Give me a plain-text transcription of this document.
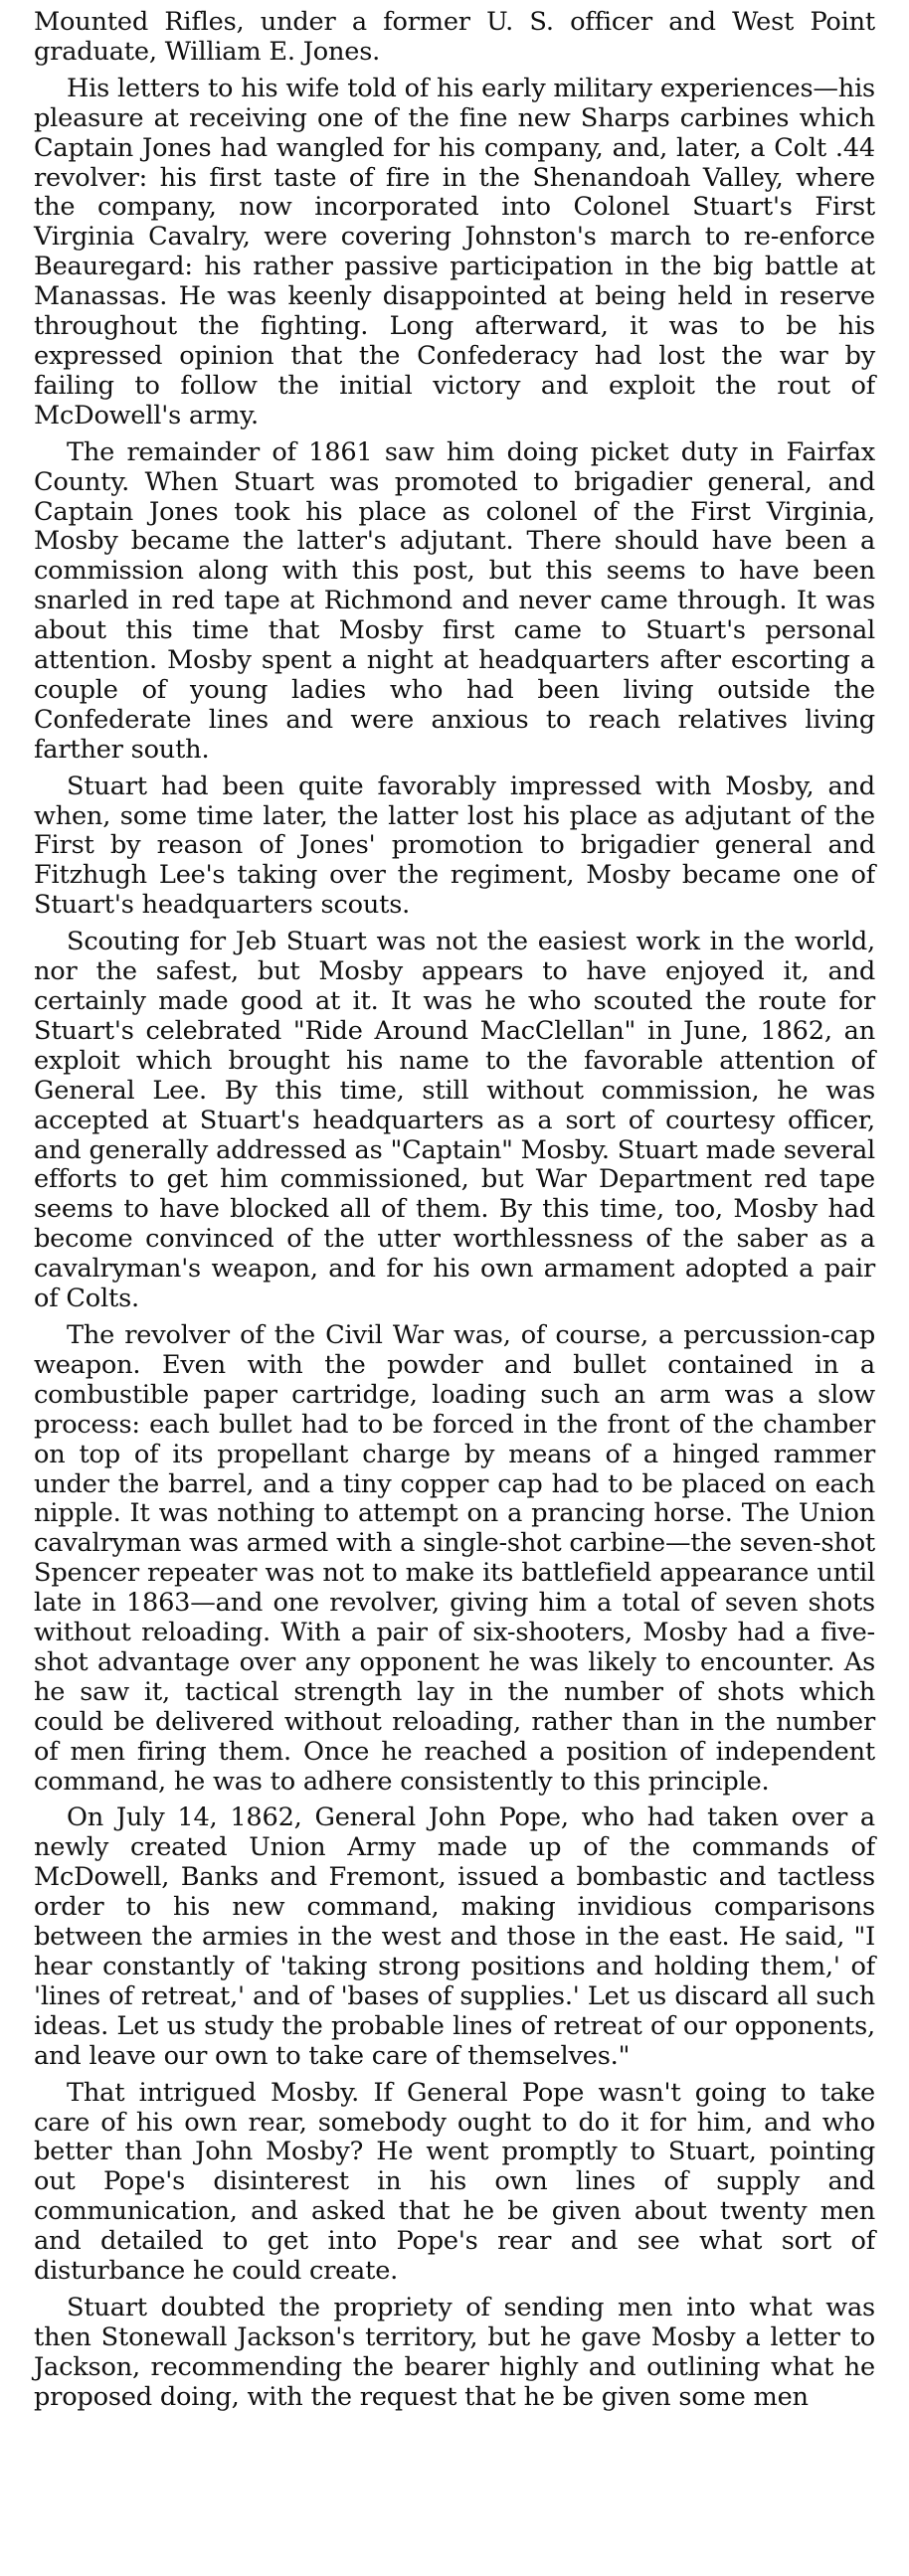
Mounted Rifles, under a former U. S. officer and West Point graduate, William E. Jones.

His letters to his wife told of his early military experiences—his pleasure at receiving one of the fine new Sharps carbines which Captain Jones had wangled for his company, and, later, a Colt .44 revolver: his first taste of fire in the Shenandoah Valley, where the company, now incorporated into Colonel Stuart's First Virginia Cavalry, were covering Johnston's march to re-enforce Beauregard: his rather passive participation in the big battle at Manassas. He was keenly disappointed at being held in reserve throughout the fighting. Long afterward, it was to be his expressed opinion that the Confederacy had lost the war by failing to follow the initial victory and exploit the rout of McDowell's army.

The remainder of 1861 saw him doing picket duty in Fairfax County. When Stuart was promoted to brigadier general, and Captain Jones took his place as colonel of the First Virginia, Mosby became the latter's adjutant. There should have been a commission along with this post, but this seems to have been snarled in red tape at Richmond and never came through. It was about this time that Mosby first came to Stuart's personal attention. Mosby spent a night at headquarters after escorting a couple of young ladies who had been living outside the Confederate lines and were anxious to reach relatives living farther south.

Stuart had been quite favorably impressed with Mosby, and when, some time later, the latter lost his place as adjutant of the First by reason of Jones' promotion to brigadier general and Fitzhugh Lee's taking over the regiment, Mosby became one of Stuart's headquarters scouts.

Scouting for Jeb Stuart was not the easiest work in the world, nor the safest, but Mosby appears to have enjoyed it, and certainly made good at it. It was he who scouted the route for Stuart's celebrated "Ride Around MacClellan" in June, 1862, an exploit which brought his name to the favorable attention of General Lee. By this time, still without commission, he was accepted at Stuart's headquarters as a sort of courtesy officer, and generally addressed as "Captain" Mosby. Stuart made several efforts to get him commissioned, but War Department red tape seems to have blocked all of them. By this time, too, Mosby had become convinced of the utter worthlessness of the saber as a cavalryman's weapon, and for his own armament adopted a pair of Colts.

The revolver of the Civil War was, of course, a percussion-cap weapon. Even with the powder and bullet contained in a combustible paper cartridge, loading such an arm was a slow process: each bullet had to be forced in the front of the chamber on top of its propellant charge by means of a hinged rammer under the barrel, and a tiny copper cap had to be placed on each nipple. It was nothing to attempt on a prancing horse. The Union cavalryman was armed with a single-shot carbine—the seven-shot Spencer repeater was not to make its battlefield appearance until late in 1863—and one revolver, giving him a total of seven shots without reloading. With a pair of six-shooters, Mosby had a five-shot advantage over any opponent he was likely to encounter. As he saw it, tactical strength lay in the number of shots which could be delivered without reloading, rather than in the number of men firing them. Once he reached a position of independent command, he was to adhere consistently to this principle.

On July 14, 1862, General John Pope, who had taken over a newly created Union Army made up of the commands of McDowell, Banks and Fremont, issued a bombastic and tactless order to his new command, making invidious comparisons between the armies in the west and those in the east. He said, "I hear constantly of 'taking strong positions and holding them,' of 'lines of retreat,' and of 'bases of supplies.' Let us discard all such ideas. Let us study the probable lines of retreat of our opponents, and leave our own to take care of themselves."

That intrigued Mosby. If General Pope wasn't going to take care of his own rear, somebody ought to do it for him, and who better than John Mosby? He went promptly to Stuart, pointing out Pope's disinterest in his own lines of supply and communication, and asked that he be given about twenty men and detailed to get into Pope's rear and see what sort of disturbance he could create.

Stuart doubted the propriety of sending men into what was then Stonewall Jackson's territory, but he gave Mosby a letter to Jackson, recommending the bearer highly and outlining what he proposed doing, with the request that he be given some men
